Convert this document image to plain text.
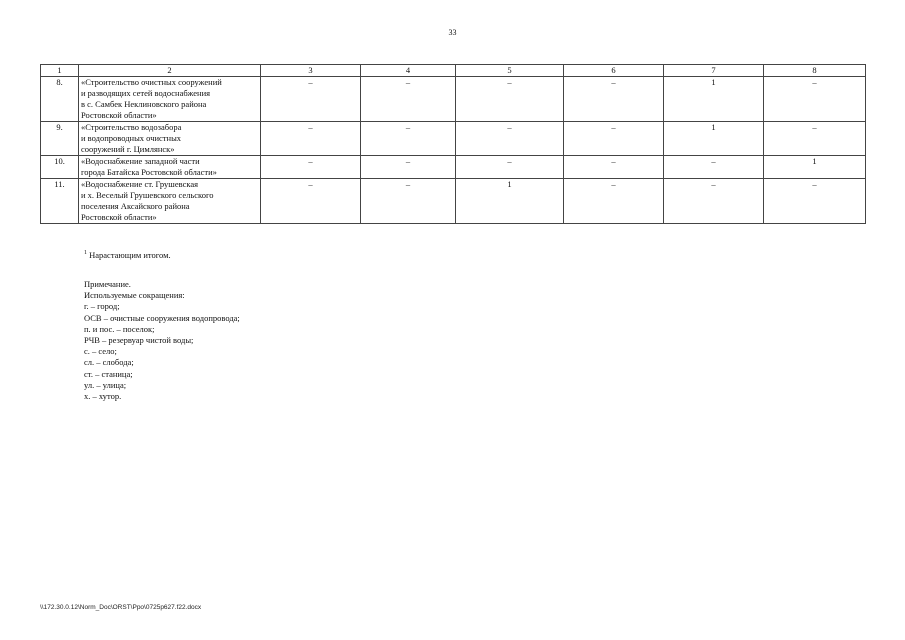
33
1	2	3	4	5	6	7	8
8.	«Строительство очистных сооружений
и разводящих сетей водоснабжения
в с. Самбек Неклиновского района
Ростовской области»	–	–	–	–	1	–
9.	«Строительство водозабора
и водопроводных очистных
сооружений г. Цимлянск»	–	–	–	–	1	–
10.	«Водоснабжение западной части
города Батайска Ростовской области»	–	–	–	–	–	1
11.	«Водоснабжение ст. Грушевская
и х. Веселый Грушевского сельского
поселения Аксайского района
Ростовской области»	–	–	1	–	–	–
$^1$ Нарастающим итогом.
Примечание.
Используемые сокращения:
г. – город;
ОСВ – очистные сооружения водопровода;
п. и пос. – поселок;
РЧВ – резервуар чистой воды;
с. – село;
сл. – слобода;
ст. – станица;
ул. – улица;
х. – хутор.
\\172.30.0.12\Norm_Doc\ORST\Ppo\0725p627.f22.docx
